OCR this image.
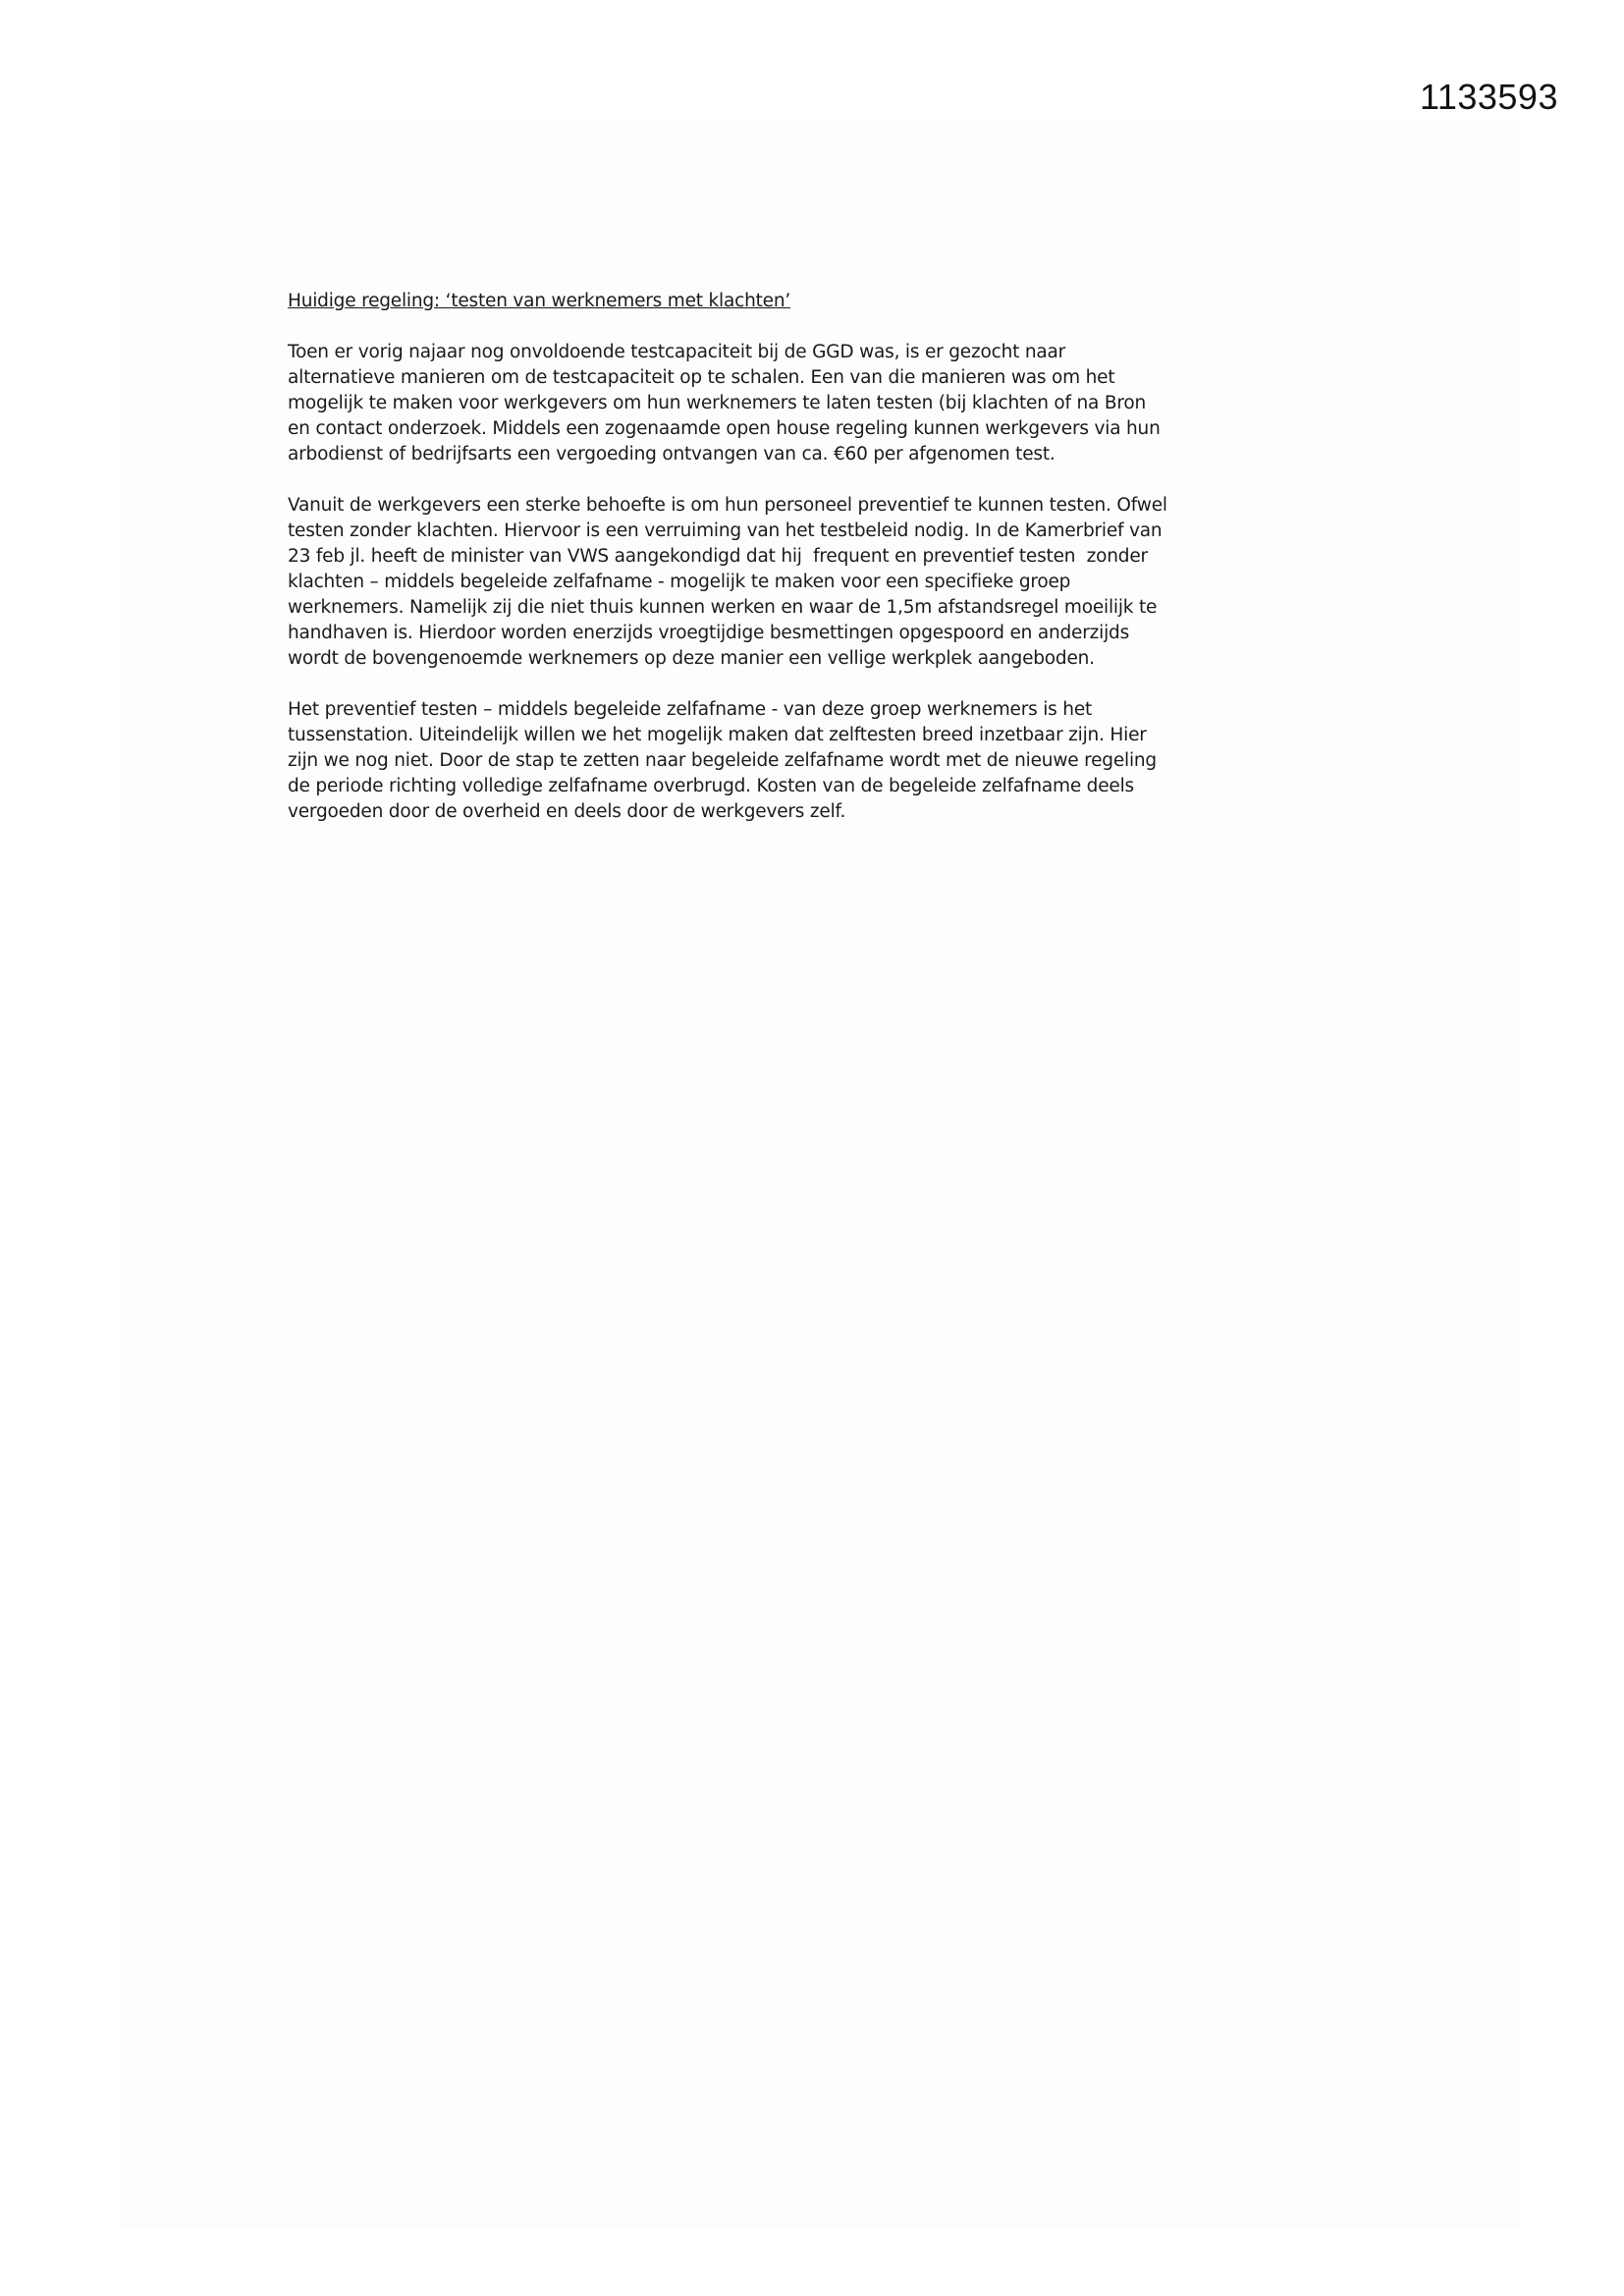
1133593
Huidige regeling: ‘testen van werknemers met klachten’
Toen er vorig najaar nog onvoldoende testcapaciteit bij de GGD was, is er gezocht naar
alternatieve manieren om de testcapaciteit op te schalen. Een van die manieren was om het
mogelijk te maken voor werkgevers om hun werknemers te laten testen (bij klachten of na Bron
en contact onderzoek. Middels een zogenaamde open house regeling kunnen werkgevers via hun
arbodienst of bedrijfsarts een vergoeding ontvangen van ca. €60 per afgenomen test.
Vanuit de werkgevers een sterke behoefte is om hun personeel preventief te kunnen testen. Ofwel
testen zonder klachten. Hiervoor is een verruiming van het testbeleid nodig. In de Kamerbrief van
23 feb jl. heeft de minister van VWS aangekondigd dat hij  frequent en preventief testen  zonder
klachten – middels begeleide zelfafname - mogelijk te maken voor een specifieke groep
werknemers. Namelijk zij die niet thuis kunnen werken en waar de 1,5m afstandsregel moeilijk te
handhaven is. Hierdoor worden enerzijds vroegtijdige besmettingen opgespoord en anderzijds
wordt de bovengenoemde werknemers op deze manier een vellige werkplek aangeboden.
Het preventief testen – middels begeleide zelfafname - van deze groep werknemers is het
tussenstation. Uiteindelijk willen we het mogelijk maken dat zelftesten breed inzetbaar zijn. Hier
zijn we nog niet. Door de stap te zetten naar begeleide zelfafname wordt met de nieuwe regeling
de periode richting volledige zelfafname overbrugd. Kosten van de begeleide zelfafname deels
vergoeden door de overheid en deels door de werkgevers zelf.
